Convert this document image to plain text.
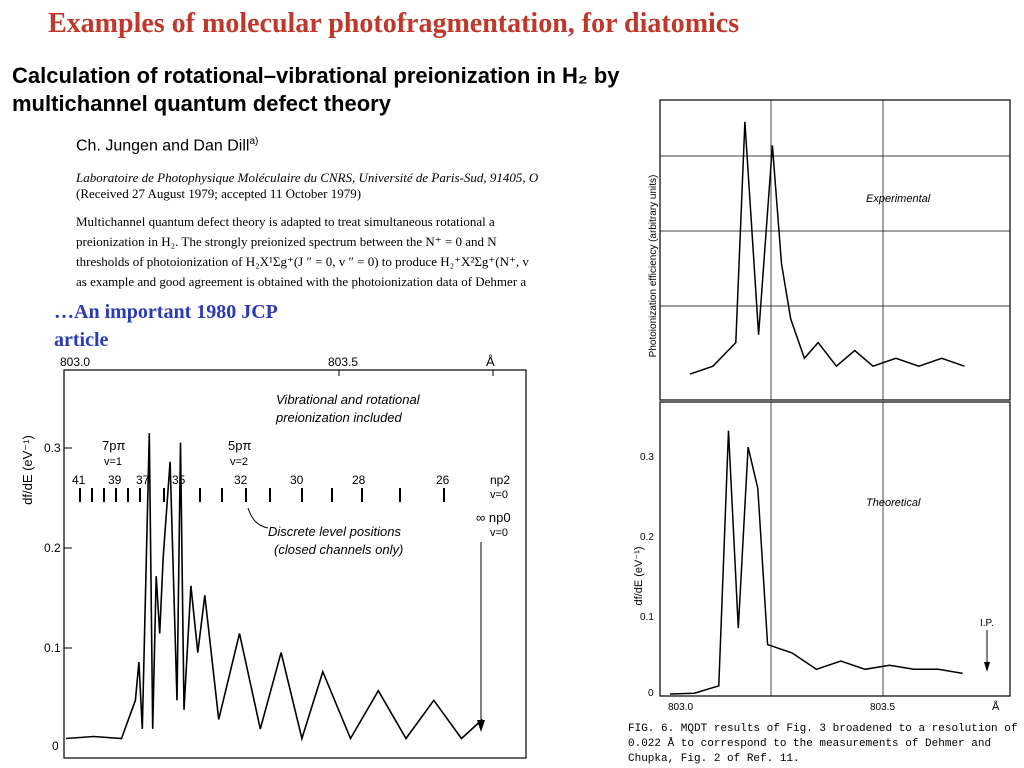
Examples of molecular photofragmentation, for diatomics
Calculation of rotational–vibrational preionization in H₂ by
multichannel quantum defect theory
Ch. Jungen and Dan Dill$^{a)}$
Laboratoire de Photophysique Moléculaire du CNRS, Université de Paris-Sud, 91405, O
(Received 27 August 1979; accepted 11 October 1979)
Multichannel quantum defect theory is adapted to treat simultaneous rotational a
preionization in H₂. The strongly preionized spectrum between the N⁺ = 0 and N
thresholds of photoionization of H₂X¹Σg⁺(J ″ = 0, v ″ = 0) to produce H₂⁺X²Σg⁺(N⁺, v
as example and good agreement is obtained with the photoionization data of Dehmer a
…An important 1980 JCP
article
803.0	803.5	Å
df/dE (eV⁻¹)
0
0.1
0.2
0.3
Vibrational and rotational
preionization included
7pπ
v=1
5pπ
v=2
41 39 37 35	32	30	28	26	np2
v=0
∞ np0
v=0
Discrete level positions
(closed channels only)
Photoionization efficiency (arbitrary units)	Experimental
df/dE (eV⁻¹)
0
0.1
0.2
0.3
Theoretical
I.P.
803.0	803.5	Å
FIG. 6. MQDT results of Fig. 3 broadened to a resolution of
0.022 Å to correspond to the measurements of Dehmer and
Chupka, Fig. 2 of Ref. 11.
